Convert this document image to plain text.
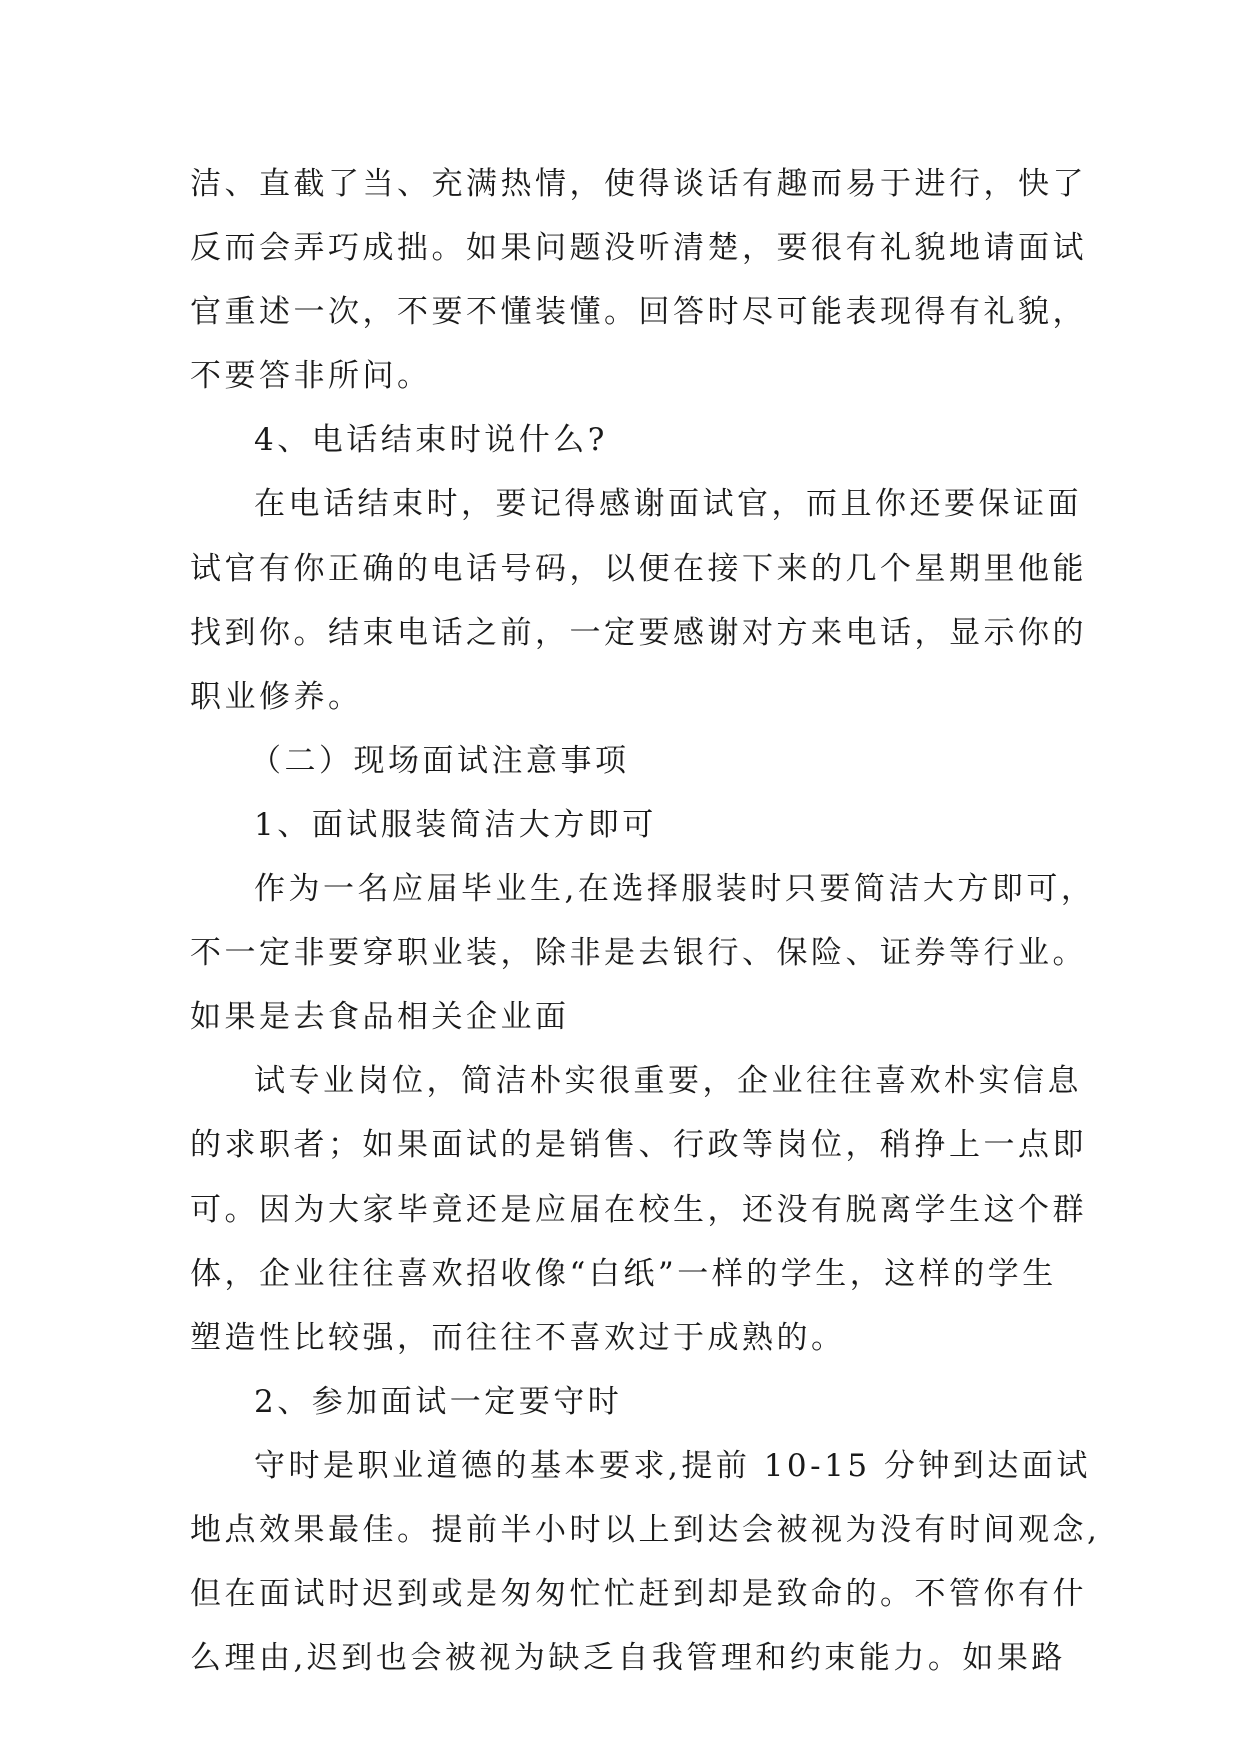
洁、直截了当、充满热情，使得谈话有趣而易于进行，快了
反而会弄巧成拙。如果问题没听清楚，要很有礼貌地请面试
官重述一次，不要不懂装懂。回答时尽可能表现得有礼貌，
不要答非所问。
4、电话结束时说什么?
在电话结束时，要记得感谢面试官，而且你还要保证面
试官有你正确的电话号码，以便在接下来的几个星期里他能
找到你。结束电话之前，一定要感谢对方来电话，显示你的
职业修养。
（二）现场面试注意事项
1、面试服装简洁大方即可
作为一名应届毕业生,在选择服装时只要简洁大方即可，
不一定非要穿职业装，除非是去银行、保险、证券等行业。
如果是去食品相关企业面
试专业岗位，简洁朴实很重要，企业往往喜欢朴实信息
的求职者；如果面试的是销售、行政等岗位，稍挣上一点即
可。因为大家毕竟还是应届在校生，还没有脱离学生这个群
体，企业往往喜欢招收像“白纸”一样的学生，这样的学生
塑造性比较强，而往往不喜欢过于成熟的。
2、参加面试一定要守时
守时是职业道德的基本要求,提前 10-15 分钟到达面试
地点效果最佳。提前半小时以上到达会被视为没有时间观念,
但在面试时迟到或是匆匆忙忙赶到却是致命的。不管你有什
么理由,迟到也会被视为缺乏自我管理和约束能力。如果路
